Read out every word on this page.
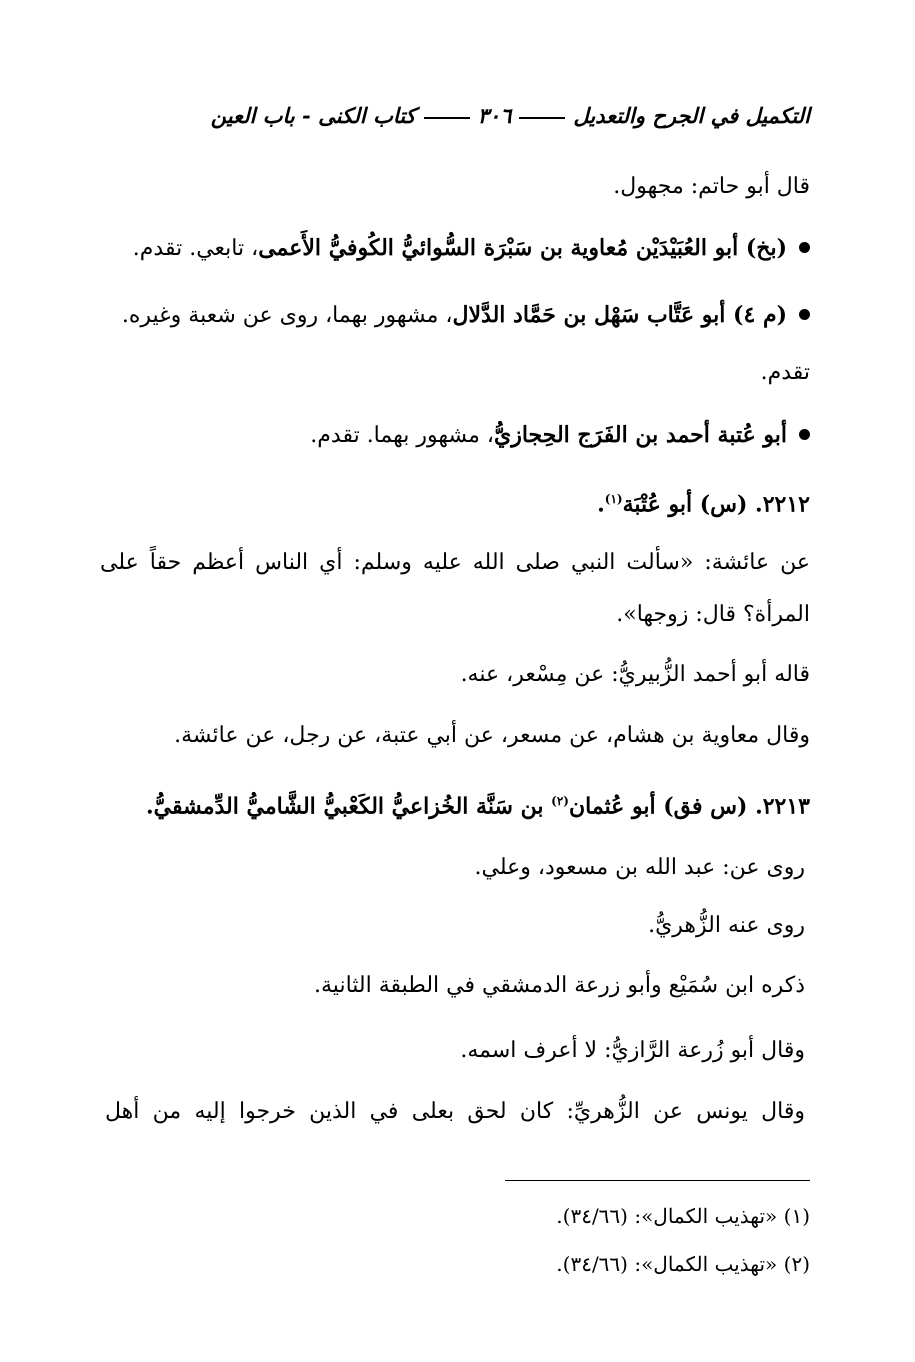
التكميل في الجرح والتعديل
٣٠٦
كتاب الكنى - باب العين
قال أبو حاتم: مجهول.
(بخ) أبو العُبَيْدَيْن مُعاوية بن سَبْرَة السُّوائيُّ الكُوفيُّ الأَعمى، تابعي. تقدم.
(م ٤) أبو عَتَّاب سَهْل بن حَمَّاد الدَّلال، مشهور بهما، روى عن شعبة وغيره.
تقدم.
أبو عُتبة أحمد بن الفَرَج الحِجازيُّ، مشهور بهما. تقدم.
٢٢١٢. (س) أبو عُتْبَة$^{(١)}$.
عن عائشة: «سألت النبي صلى الله عليه وسلم: أي الناس أعظم حقاً على
المرأة؟ قال: زوجها».
قاله أبو أحمد الزُّبيريُّ: عن مِسْعر، عنه.
وقال معاوية بن هشام، عن مسعر، عن أبي عتبة، عن رجل، عن عائشة.
٢٢١٣. (س فق) أبو عُثمان$^{(٢)}$ بن سَنَّة الخُزاعيُّ الكَعْبيُّ الشَّاميُّ الدِّمشقيُّ.
روى عن: عبد الله بن مسعود، وعلي.
روى عنه الزُّهريُّ.
ذكره ابن سُمَيْع وأبو زرعة الدمشقي في الطبقة الثانية.
وقال أبو زُرعة الرَّازيُّ: لا أعرف اسمه.
وقال يونس عن الزُّهريِّ: كان لحق بعلى في الذين خرجوا إليه من أهل
(١) «تهذيب الكمال»: (٣٤/٦٦).
(٢) «تهذيب الكمال»: (٣٤/٦٦).
